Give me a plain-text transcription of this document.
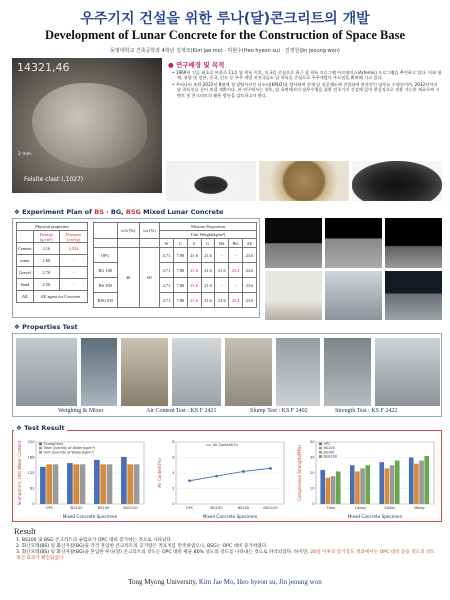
우주기지 건설을 위한 루나(달)콘크리트의 개발
Development of Lunar Concrete for the Construction of Space Base
동명대학교 건축공학과 4학년 김재모(Kim jae mo) · 허현수(Heo hyeon su) · 진정원(Jin jeoung won)
14321,46
2 mm
Felsite clast (,1027)
● 연구배경 및 목적

• 1969년 인류 최초로 아폴로 11호 달 착륙 이후, 미국을 중심으로 최근 달 착륙 프로그램 아르테미스(Artemis) 프로그램을 추진하고 있다. 이와 함께, 유럽 및 일본, 중국, 인도 등 주주 개발 선진국들도 달 착륙을 중심으로 우주개발의 주도권을 확보해 가고 있다.

• 우리나라 또한 2022년 8월에 첫 달탐사선인 다누리(KPLO)를 발사하여 현재 달 상공궤도에 진입하여 본격적인 임무를 수행중이며, 2032년까지 달 착륙선을 실어 보낼 계획이다. 본 연구에서는 향후, 달 표면에서의 임무수행을 위한 전초기지 건설에 있어 현실적으로 적용 가능한 재료로써 시멘트 및 콘크리트의 활용 방안을 검토하고자 한다.

❖ Experiment Plan of BS · BG, BSG Mixed Lunar Concrete
Physical properties		
	Density (g/cm³)	Fineness (cm²/g)
Cement	3.16	3,554
water	2.60	-
Gravel	2.70	-
Sand	2.56	-
AE	AE agent for Concrete	
	w/b (%)	s/a (%)	Mixture Proportion						
			Unit Weight(kg/m³)						
			W	C	S	G	BS	BG	AE
OPC	46	60	4.71	7.88	21.6	21.6	-	-	23.6
BG 100			4.71	7.88	21.6	21.6	21.6	25.4	23.6
BS 100			4.71	7.88	21.6	21.6	-	-	23.6
BSG100			4.71	7.88	21.6	21.6	21.6	25.4	23.6
❖ Properties Test
Weighing & Mixer	Air Content Test : KS F 2421	Slump Test : KS F 2402	Strength Test : KS F 2422
❖ Test Result
0
63
125
188
250
Slump(mm), Unit Water Content
Mixed Concrete Specimen
OPC	BG100	BS100	BSG100
Slump(mm)
Total Quantity of Water(kg/m³)
Unit Quantity of Water(kg/m³)
0
2
4
6
8
Air Content(%)
Mixed Concrete Specimen
OPC	BG100	BS100	BSG100
Air Content(%)
0
10
20
30
40
Compressive Strength(MPa)
Mixed Concrete Specimen
7day	14day	28day	56day
OPC
BG100
BS100
BSG100
Result
1. BS100 및 BSG 콘크리트의 슬럼프가 OPC 대비 증가하는 것으로 나타났다.
2. 화산모래(BS) 및 화산자갈(BG)을 각각 혼입한 콘크리트의 공기량은 적표치를 만족하였으나, BSG는 OPC 대비 증가하였다.
3. 화산모래(BS) 및 화산자갈(BG)을 혼입한 루나(달) 콘크리트의 강도는 OPC 대비 평균 80% 강도의 강도를 나타내는 것으로 파악되었다. 하지만, 28일 이후의 장기강도 결과에서는 OPC 대비 동등 정도의 강도개선 효과가 확인되었다.
Tong Myong University, Kim Jae Mo, Heo hyeon su, Jin jeoung won
